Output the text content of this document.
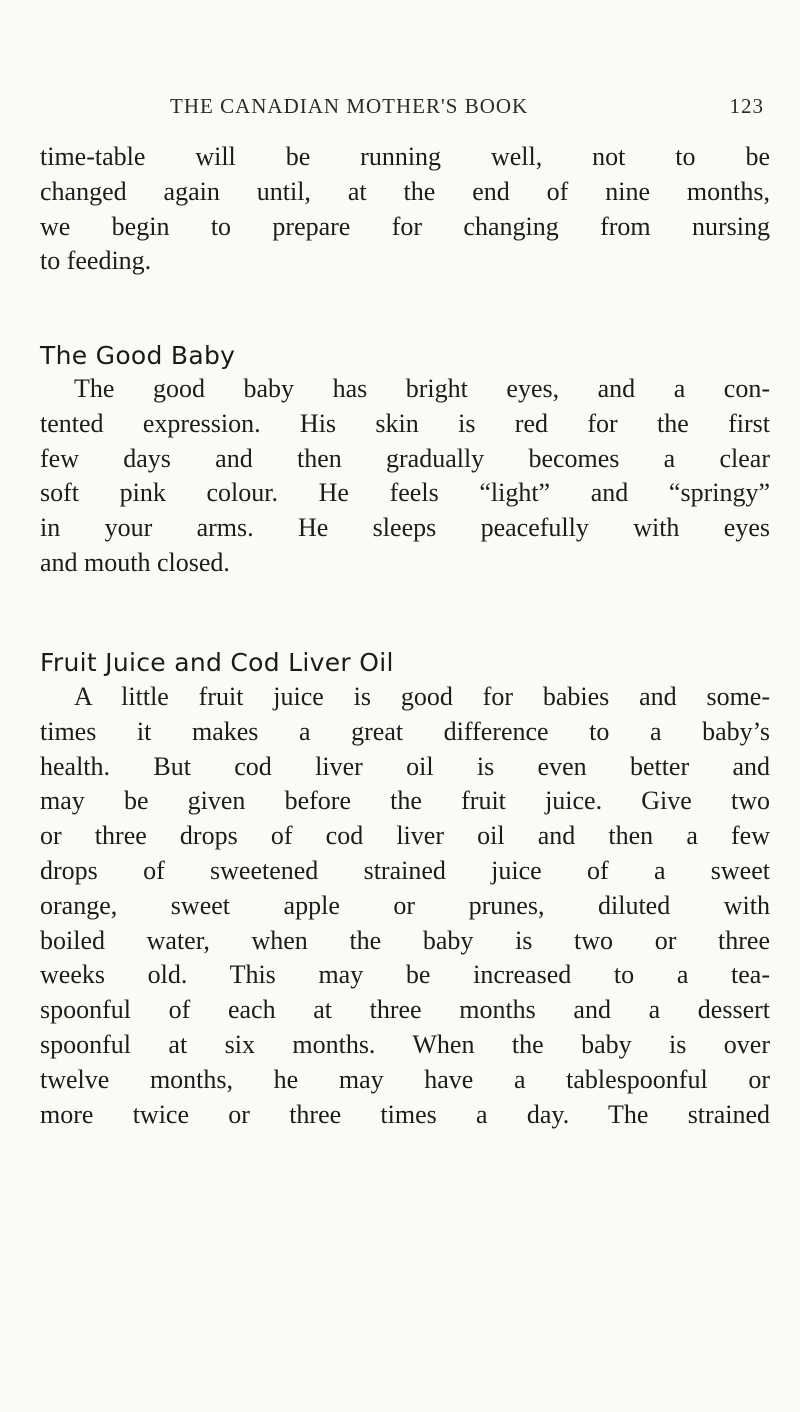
THE CANADIAN MOTHER'S BOOK	123
time-table will be running well, not to be
changed again until, at the end of nine months,
we begin to prepare for changing from nursing
to feeding.
The Good Baby
The good baby has bright eyes, and a con-
tented expression. His skin is red for the first
few days and then gradually becomes a clear
soft pink colour. He feels “light” and “springy”
in your arms. He sleeps peacefully with eyes
and mouth closed.
Fruit Juice and Cod Liver Oil
A little fruit juice is good for babies and some-
times it makes a great difference to a baby’s
health. But cod liver oil is even better and
may be given before the fruit juice. Give two
or three drops of cod liver oil and then a few
drops of sweetened strained juice of a sweet
orange, sweet apple or prunes, diluted with
boiled water, when the baby is two or three
weeks old. This may be increased to a tea-
spoonful of each at three months and a dessert
spoonful at six months. When the baby is over
twelve months, he may have a tablespoonful or
more twice or three times a day. The strained
